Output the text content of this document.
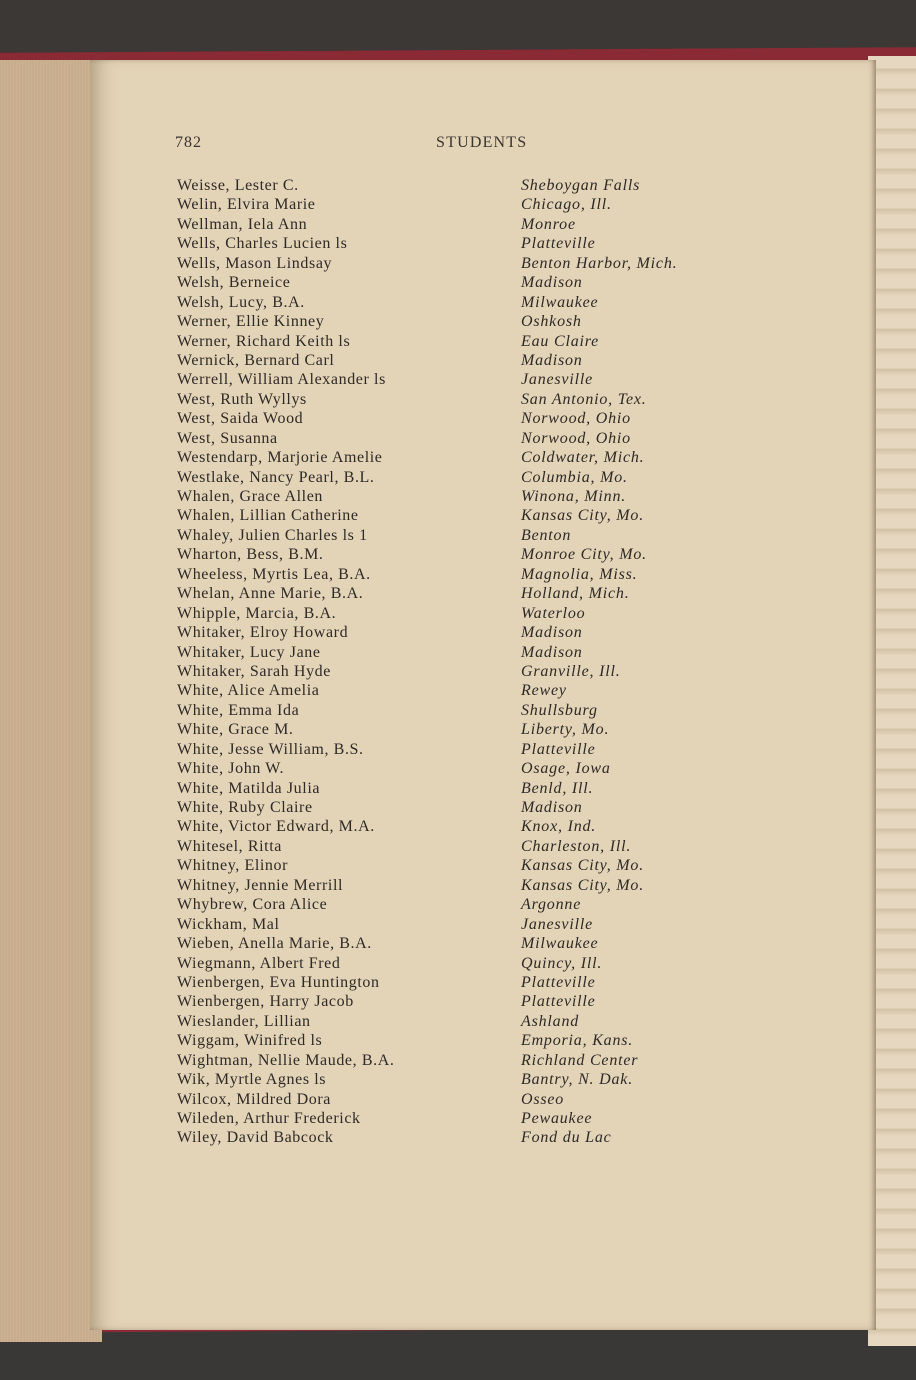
782	STUDENTS
Weisse, Lester C.	Sheboygan Falls
Welin, Elvira Marie	Chicago, Ill.
Wellman, Iela Ann	Monroe
Wells, Charles Lucien ls	Platteville
Wells, Mason Lindsay	Benton Harbor, Mich.
Welsh, Berneice	Madison
Welsh, Lucy, B.A.	Milwaukee
Werner, Ellie Kinney	Oshkosh
Werner, Richard Keith ls	Eau Claire
Wernick, Bernard Carl	Madison
Werrell, William Alexander ls	Janesville
West, Ruth Wyllys	San Antonio, Tex.
West, Saida Wood	Norwood, Ohio
West, Susanna	Norwood, Ohio
Westendarp, Marjorie Amelie	Coldwater, Mich.
Westlake, Nancy Pearl, B.L.	Columbia, Mo.
Whalen, Grace Allen	Winona, Minn.
Whalen, Lillian Catherine	Kansas City, Mo.
Whaley, Julien Charles ls 1	Benton
Wharton, Bess, B.M.	Monroe City, Mo.
Wheeless, Myrtis Lea, B.A.	Magnolia, Miss.
Whelan, Anne Marie, B.A.	Holland, Mich.
Whipple, Marcia, B.A.	Waterloo
Whitaker, Elroy Howard	Madison
Whitaker, Lucy Jane	Madison
Whitaker, Sarah Hyde	Granville, Ill.
White, Alice Amelia	Rewey
White, Emma Ida	Shullsburg
White, Grace M.	Liberty, Mo.
White, Jesse William, B.S.	Platteville
White, John W.	Osage, Iowa
White, Matilda Julia	Benld, Ill.
White, Ruby Claire	Madison
White, Victor Edward, M.A.	Knox, Ind.
Whitesel, Ritta	Charleston, Ill.
Whitney, Elinor	Kansas City, Mo.
Whitney, Jennie Merrill	Kansas City, Mo.
Whybrew, Cora Alice	Argonne
Wickham, Mal	Janesville
Wieben, Anella Marie, B.A.	Milwaukee
Wiegmann, Albert Fred	Quincy, Ill.
Wienbergen, Eva Huntington	Platteville
Wienbergen, Harry Jacob	Platteville
Wieslander, Lillian	Ashland
Wiggam, Winifred ls	Emporia, Kans.
Wightman, Nellie Maude, B.A.	Richland Center
Wik, Myrtle Agnes ls	Bantry, N. Dak.
Wilcox, Mildred Dora	Osseo
Wileden, Arthur Frederick	Pewaukee
Wiley, David Babcock	Fond du Lac
